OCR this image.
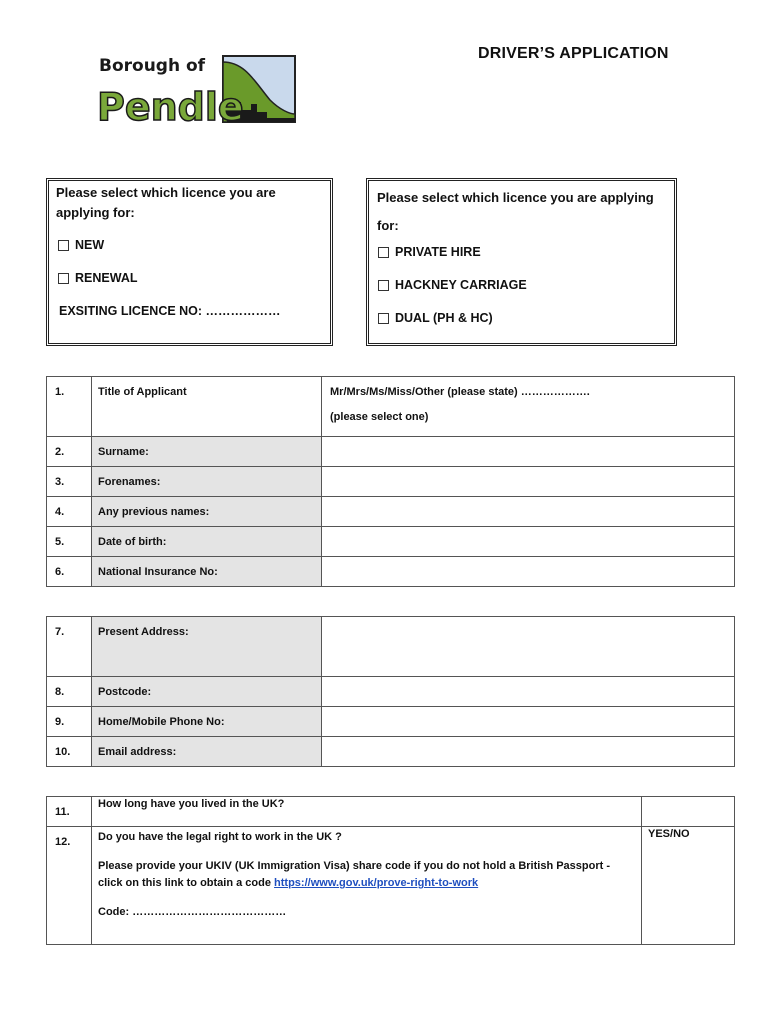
Borough of
Pendle
DRIVER’S APPLICATION
Please select which licence you are
applying for:
NEW
RENEWAL
EXSITING LICENCE NO: ………………
Please select which licence you are applying
for:
PRIVATE HIRE
HACKNEY CARRIAGE
DUAL (PH & HC)
1.	Title of Applicant	Mr/Mrs/Ms/Miss/Other (please state) ……………….
(please select one)

2.	Surname:	
3.	Forenames:	
4.	Any previous names:	
5.	Date of birth:	
6.	National Insurance No:	
7.	Present Address:	
8.	Postcode:	
9.	Home/Mobile Phone No:	
10.	Email address:	
11.	How long have you lived in the UK?	
12.	Do you have the legal right to work in the UK ?
Please provide your UKIV (UK Immigration Visa) share code if you do not hold a British Passport -
click on this link to obtain a code https://www.gov.uk/prove-right-to-work
Code: ……………………………………	YES/NO
